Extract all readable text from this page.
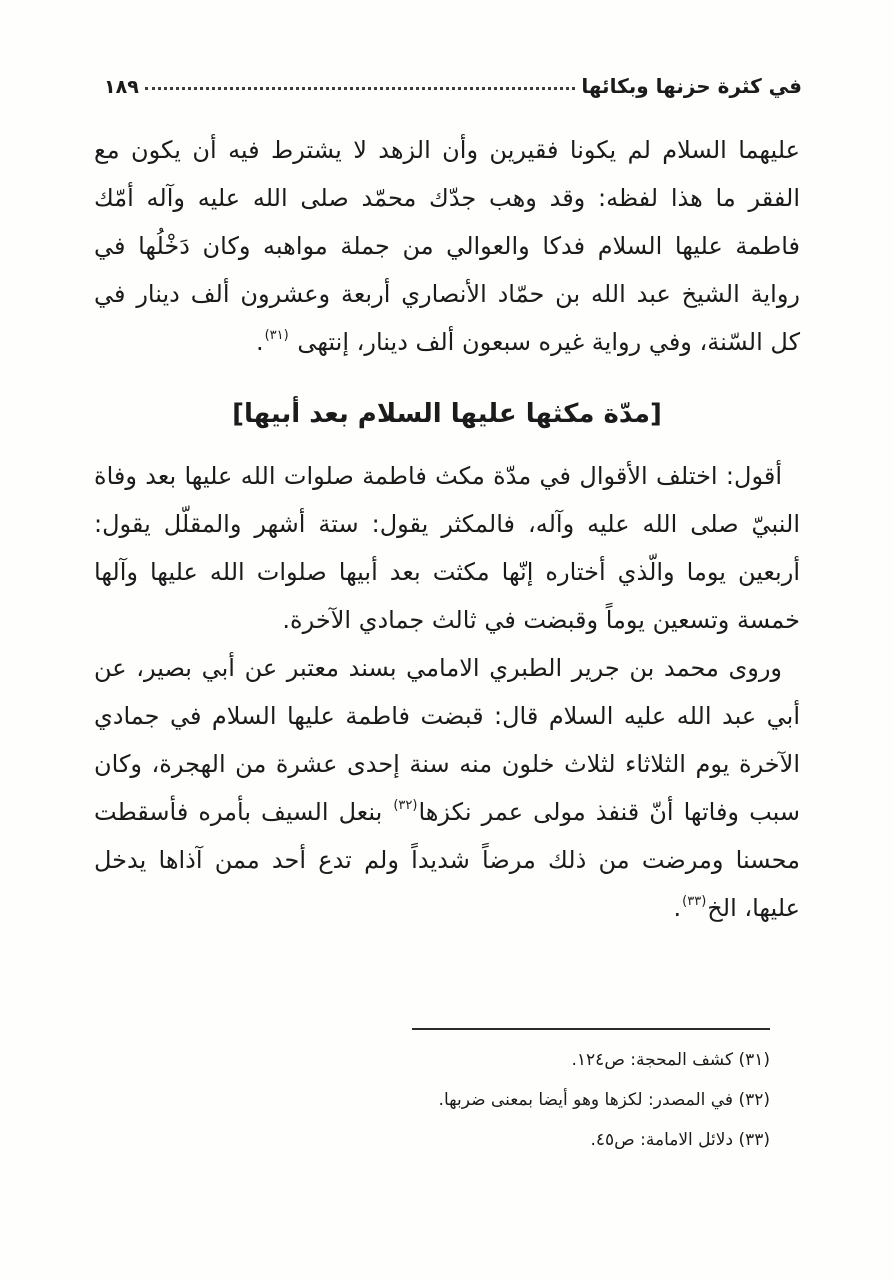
في كثرة حزنها وبكائها
١٨٩

عليهما السلام لم يكونا فقيرين وأن الزهد لا يشترط فيه أن يكون مع الفقر ما هذا لفظه: وقد وهب جدّك محمّد صلى الله عليه وآله أمّك فاطمة عليها السلام فدكا والعوالي من جملة مواهبه وكان دَخْلُها في رواية الشيخ عبد الله بن حمّاد الأنصاري أربعة وعشرون ألف دينار في كل السّنة، وفي رواية غيره سبعون ألف دينار، إنتهى $^{(٣١)}$.

[مدّة مكثها عليها السلام بعد أبيها]

أقول: اختلف الأقوال في مدّة مكث فاطمة صلوات الله عليها بعد وفاة النبيّ صلى الله عليه وآله، فالمكثر يقول: ستة أشهر والمقلّل يقول: أربعين يوما والّذي أختاره إنّها مكثت بعد أبيها صلوات الله عليها وآلها خمسة وتسعين يوماً وقبضت في ثالث جمادي الآخرة.

وروى محمد بن جرير الطبري الامامي بسند معتبر عن أبي بصير، عن أبي عبد الله عليه السلام قال: قبضت فاطمة عليها السلام في جمادي الآخرة يوم الثلاثاء لثلاث خلون منه سنة إحدى عشرة من الهجرة، وكان سبب وفاتها أنّ قنفذ مولى عمر نكزها$^{(٣٢)}$ بنعل السيف بأمره فأسقطت محسنا ومرضت من ذلك مرضاً شديداً ولم تدع أحد ممن آذاها يدخل عليها، الخ$^{(٣٣)}$.

(٣١) كشف المحجة: ص١٢٤.
(٣٢) في المصدر: لكزها وهو أيضا بمعنى ضربها.
(٣٣) دلائل الامامة: ص٤٥.
